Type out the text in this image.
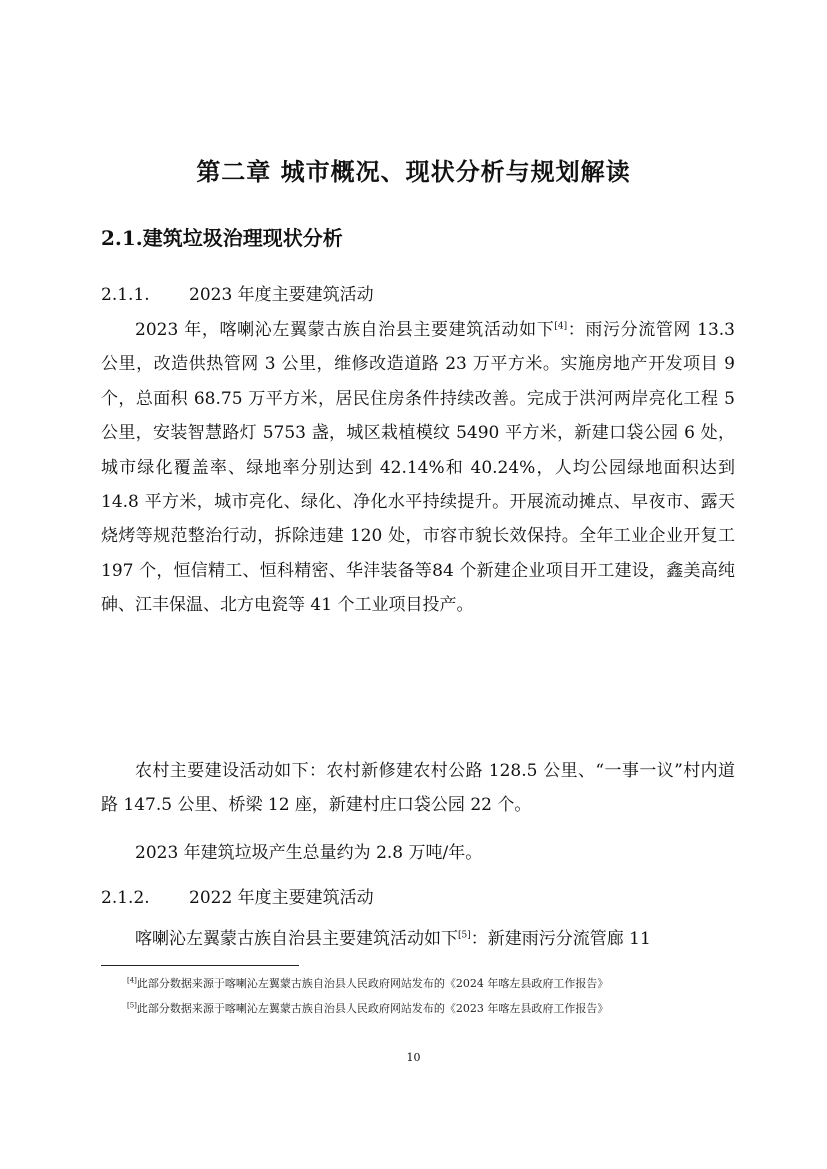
第二章 城市概况、现状分析与规划解读
2.1.建筑垃圾治理现状分析

2.1.1. 2023 年度主要建筑活动

2023 年，喀喇沁左翼蒙古族自治县主要建筑活动如下[4]：雨污分流管网 13.3 公里，改造供热管网 3 公里，维修改造道路 23 万平方米。实施房地产开发项目 9 个，总面积 68.75 万平方米，居民住房条件持续改善。完成于洪河两岸亮化工程 5 公里，安装智慧路灯 5753 盏，城区栽植模纹 5490 平方米，新建口袋公园 6 处，城市绿化覆盖率、绿地率分别达到 42.14%和 40.24%，人均公园绿地面积达到 14.8 平方米，城市亮化、绿化、净化水平持续提升。开展流动摊点、早夜市、露天烧烤等规范整治行动，拆除违建 120 处，市容市貌长效保持。全年工业企业开复工 197 个，恒信精工、恒科精密、华沣装备等84 个新建企业项目开工建设，鑫美高纯砷、江丰保温、北方电瓷等 41 个工业项目投产。

农村主要建设活动如下：农村新修建农村公路 128.5 公里、“一事一议”村内道路 147.5 公里、桥梁 12 座，新建村庄口袋公园 22 个。

2023 年建筑垃圾产生总量约为 2.8 万吨/年。

2.1.2. 2022 年度主要建筑活动

喀喇沁左翼蒙古族自治县主要建筑活动如下[5]：新建雨污分流管廊 11

[4]此部分数据来源于喀喇沁左翼蒙古族自治县人民政府网站发布的《2024 年喀左县政府工作报告》

[5]此部分数据来源于喀喇沁左翼蒙古族自治县人民政府网站发布的《2023 年喀左县政府工作报告》

10
